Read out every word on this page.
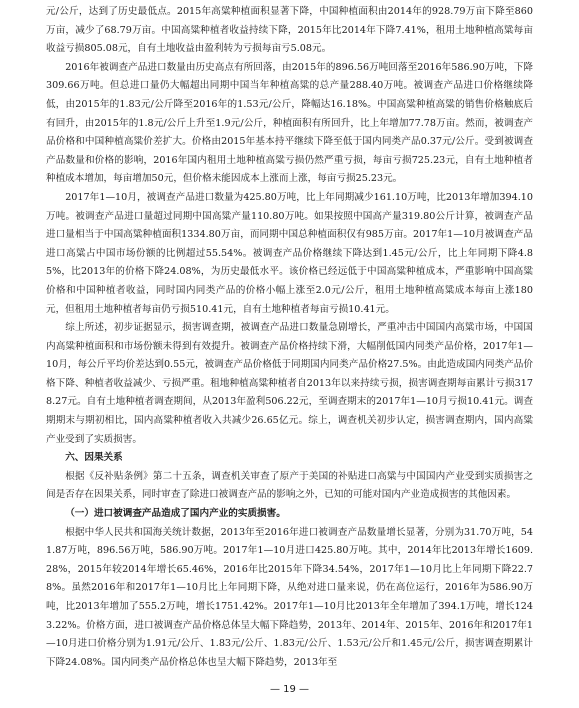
元/公斤，达到了历史最低点。2015年高粱种植面积显著下降，中国种植面积由2014年的928.79万亩下降至860万亩，减少了68.79万亩。中国高粱种植者收益持续下降，2015年比2014年下降7.41%，租用土地种植高粱每亩收益亏损805.08元，自有土地收益由盈利转为亏损每亩亏5.08元。

2016年被调查产品进口数量由历史高点有所回落，由2015年的896.56万吨回落至2016年586.90万吨，下降309.66万吨。但总进口量仍大幅超出同期中国当年种植高粱的总产量288.40万吨。被调查产品进口价格继续降低，由2015年的1.83元/公斤降至2016年的1.53元/公斤，降幅达16.18%。中国高粱种植高粱的销售价格触底后有回升，由2015年的1.8元/公斤上升至1.9元/公斤，种植面积有所回升，比上年增加77.78万亩。然而，被调查产品价格和中国种植高粱价差扩大。价格由2015年基本持平继续下降至低于国内同类产品0.37元/公斤。受到被调查产品数量和价格的影响，2016年国内租用土地种植高粱亏损仍然严重亏损，每亩亏损725.23元，自有土地种植者种植成本增加，每亩增加50元，但价格未能因成本上涨而上涨，每亩亏损25.23元。

2017年1—10月，被调查产品进口数量为425.80万吨，比上年同期减少161.10万吨，比2013年增加394.10万吨。被调查产品进口量超过同期中国高粱产量110.80万吨。如果按照中国高产量319.80公斤计算，被调查产品进口量相当于中国高粱种植面积1334.80万亩，而同期中国总种植面积仅有985万亩。2017年1—10月被调查产品进口高粱占中国市场份额的比例超过55.54%。被调查产品价格继续下降达到1.45元/公斤，比上年同期下降4.85%，比2013年的价格下降24.08%，为历史最低水平。该价格已经远低于中国高粱种植成本，严重影响中国高粱价格和中国种植者收益，同时国内同类产品的价格小幅上涨至2.0元/公斤，租用土地种植高粱成本每亩上涨180元，但租用土地种植者每亩仍亏损510.41元，自有土地种植者每亩亏损10.41元。

综上所述，初步证据显示，损害调查期，被调查产品进口数量急剧增长，严重冲击中国国内高粱市场，中国国内高粱种植面积和市场份额未得到有效提升。被调查产品价格持续下滑，大幅削低国内同类产品价格，2017年1—10月，每公斤平均价差达到0.55元，被调查产品价格低于同期国内同类产品价格27.5%。由此造成国内同类产品价格下降、种植者收益减少、亏损严重。租地种植高粱种植者自2013年以来持续亏损，损害调查期每亩累计亏损3178.27元。自有土地种植者调查期间，从2013年盈利506.22元，至调查期末的2017年1—10月亏损10.41元。调查期期末与期初相比，国内高粱种植者收入共减少26.65亿元。综上，调查机关初步认定，损害调查期内，国内高粱产业受到了实质损害。

六、因果关系

根据《反补贴条例》第二十五条，调查机关审查了原产于美国的补贴进口高粱与中国国内产业受到实质损害之间是否存在因果关系，同时审查了除进口被调查产品的影响之外，已知的可能对国内产业造成损害的其他因素。

（一）进口被调查产品造成了国内产业的实质损害。

根据中华人民共和国海关统计数据，2013年至2016年进口被调查产品数量增长显著，分别为31.70万吨，541.87万吨，896.56万吨，586.90万吨。2017年1—10月进口425.80万吨。其中，2014年比2013年增长1609.28%，2015年较2014年增长65.46%，2016年比2015年下降34.54%，2017年1—10月比上年同期下降22.78%。虽然2016年和2017年1—10月比上年同期下降，从绝对进口量来说，仍在高位运行，2016年为586.90万吨，比2013年增加了555.2万吨，增长1751.42%。2017年1—10月比2013年全年增加了394.1万吨，增长1243.22%。价格方面，进口被调查产品价格总体呈大幅下降趋势，2013年、2014年、2015年、2016年和2017年1—10月进口价格分别为1.91元/公斤、1.83元/公斤、1.83元/公斤、1.53元/公斤和1.45元/公斤，损害调查期累计下降24.08%。国内同类产品价格总体也呈大幅下降趋势，2013年至

— 19 —
